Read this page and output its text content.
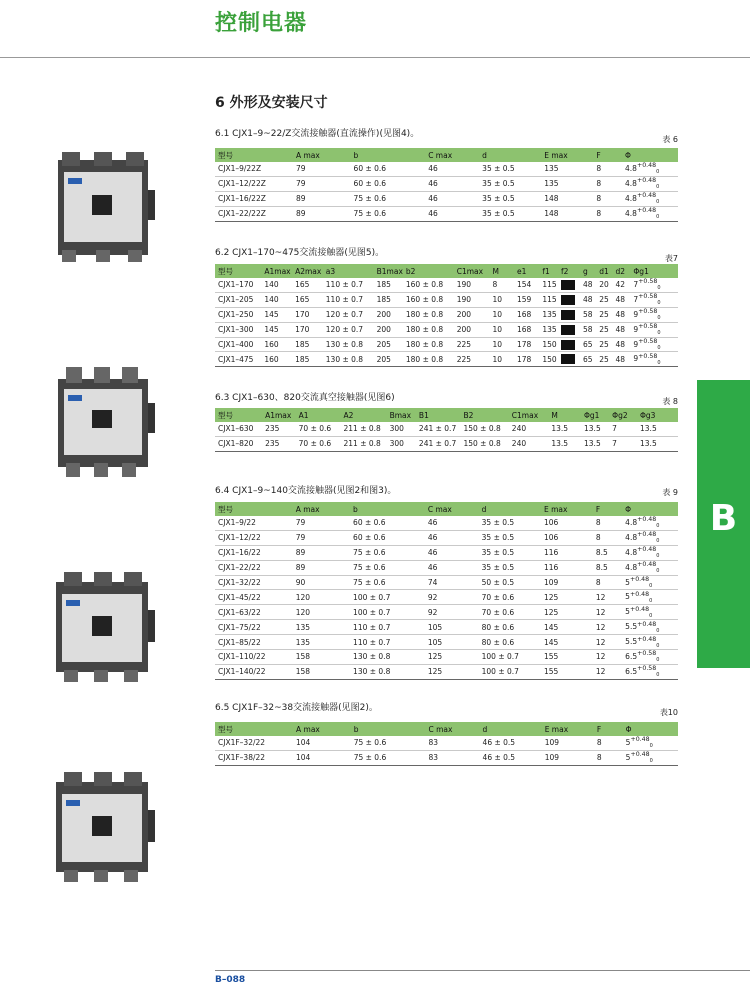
控制电器
6 外形及安装尺寸
6.1 CJX1–9~22/Z交流接触器(直流操作)(见图4)。
表 6
型号	A max	b	C max	d	E max	F	Φ
CJX1–9/22Z	79	60 ± 0.6	46	35 ± 0.5	135	8	$4.8^{+0.48}_0$
CJX1–12/22Z	79	60 ± 0.6	46	35 ± 0.5	135	8	$4.8^{+0.48}_0$
CJX1–16/22Z	89	75 ± 0.6	46	35 ± 0.5	148	8	$4.8^{+0.48}_0$
CJX1–22/22Z	89	75 ± 0.6	46	35 ± 0.5	148	8	$4.8^{+0.48}_0$
6.2 CJX1–170~475交流接触器(见图5)。
表7
型号	A1max	A2max	a3	B1max	b2	C1max	M	e1	f1	f2	g	d1	d2	Φg1
CJX1–170	140	165	110 ± 0.7	185	160 ± 0.8	190	8	154	115		48	20	42	$7^{+0.58}_0$
CJX1–205	140	165	110 ± 0.7	185	160 ± 0.8	190	10	159	115		48	25	48	$7^{+0.58}_0$
CJX1–250	145	170	120 ± 0.7	200	180 ± 0.8	200	10	168	135		58	25	48	$9^{+0.58}_0$
CJX1–300	145	170	120 ± 0.7	200	180 ± 0.8	200	10	168	135		58	25	48	$9^{+0.58}_0$
CJX1–400	160	185	130 ± 0.8	205	180 ± 0.8	225	10	178	150		65	25	48	$9^{+0.58}_0$
CJX1–475	160	185	130 ± 0.8	205	180 ± 0.8	225	10	178	150		65	25	48	$9^{+0.58}_0$
6.3 CJX1–630、820交流真空接触器(见图6)	表 8
型号	A1max	A1	A2	Bmax	B1	B2	C1max	M	Φg1	Φg2	Φg3
CJX1–630	235	70 ± 0.6	211 ± 0.8	300	241 ± 0.7	150 ± 0.8	240	13.5	13.5	7	13.5
CJX1–820	235	70 ± 0.6	211 ± 0.8	300	241 ± 0.7	150 ± 0.8	240	13.5	13.5	7	13.5
6.4 CJX1–9~140交流接触器(见图2和图3)。	表 9
型号	A max	b	C max	d	E max	F	Φ
CJX1–9/22	79	60 ± 0.6	46	35 ± 0.5	106	8	$4.8^{+0.48}_0$
CJX1–12/22	79	60 ± 0.6	46	35 ± 0.5	106	8	$4.8^{+0.48}_0$
CJX1–16/22	89	75 ± 0.6	46	35 ± 0.5	116	8.5	$4.8^{+0.48}_0$
CJX1–22/22	89	75 ± 0.6	46	35 ± 0.5	116	8.5	$4.8^{+0.48}_0$
CJX1–32/22	90	75 ± 0.6	74	50 ± 0.5	109	8	$5^{+0.48}_0$
CJX1–45/22	120	100 ± 0.7	92	70 ± 0.6	125	12	$5^{+0.48}_0$
CJX1–63/22	120	100 ± 0.7	92	70 ± 0.6	125	12	$5^{+0.48}_0$
CJX1–75/22	135	110 ± 0.7	105	80 ± 0.6	145	12	$5.5^{+0.48}_0$
CJX1–85/22	135	110 ± 0.7	105	80 ± 0.6	145	12	$5.5^{+0.48}_0$
CJX1–110/22	158	130 ± 0.8	125	100 ± 0.7	155	12	$6.5^{+0.58}_0$
CJX1–140/22	158	130 ± 0.8	125	100 ± 0.7	155	12	$6.5^{+0.58}_0$
6.5 CJX1F–32~38交流接触器(见图2)。	表10
型号	A max	b	C max	d	E max	F	Φ
CJX1F–32/22	104	75 ± 0.6	83	46 ± 0.5	109	8	$5^{+0.48}_0$
CJX1F–38/22	104	75 ± 0.6	83	46 ± 0.5	109	8	$5^{+0.48}_0$
B
B–088
